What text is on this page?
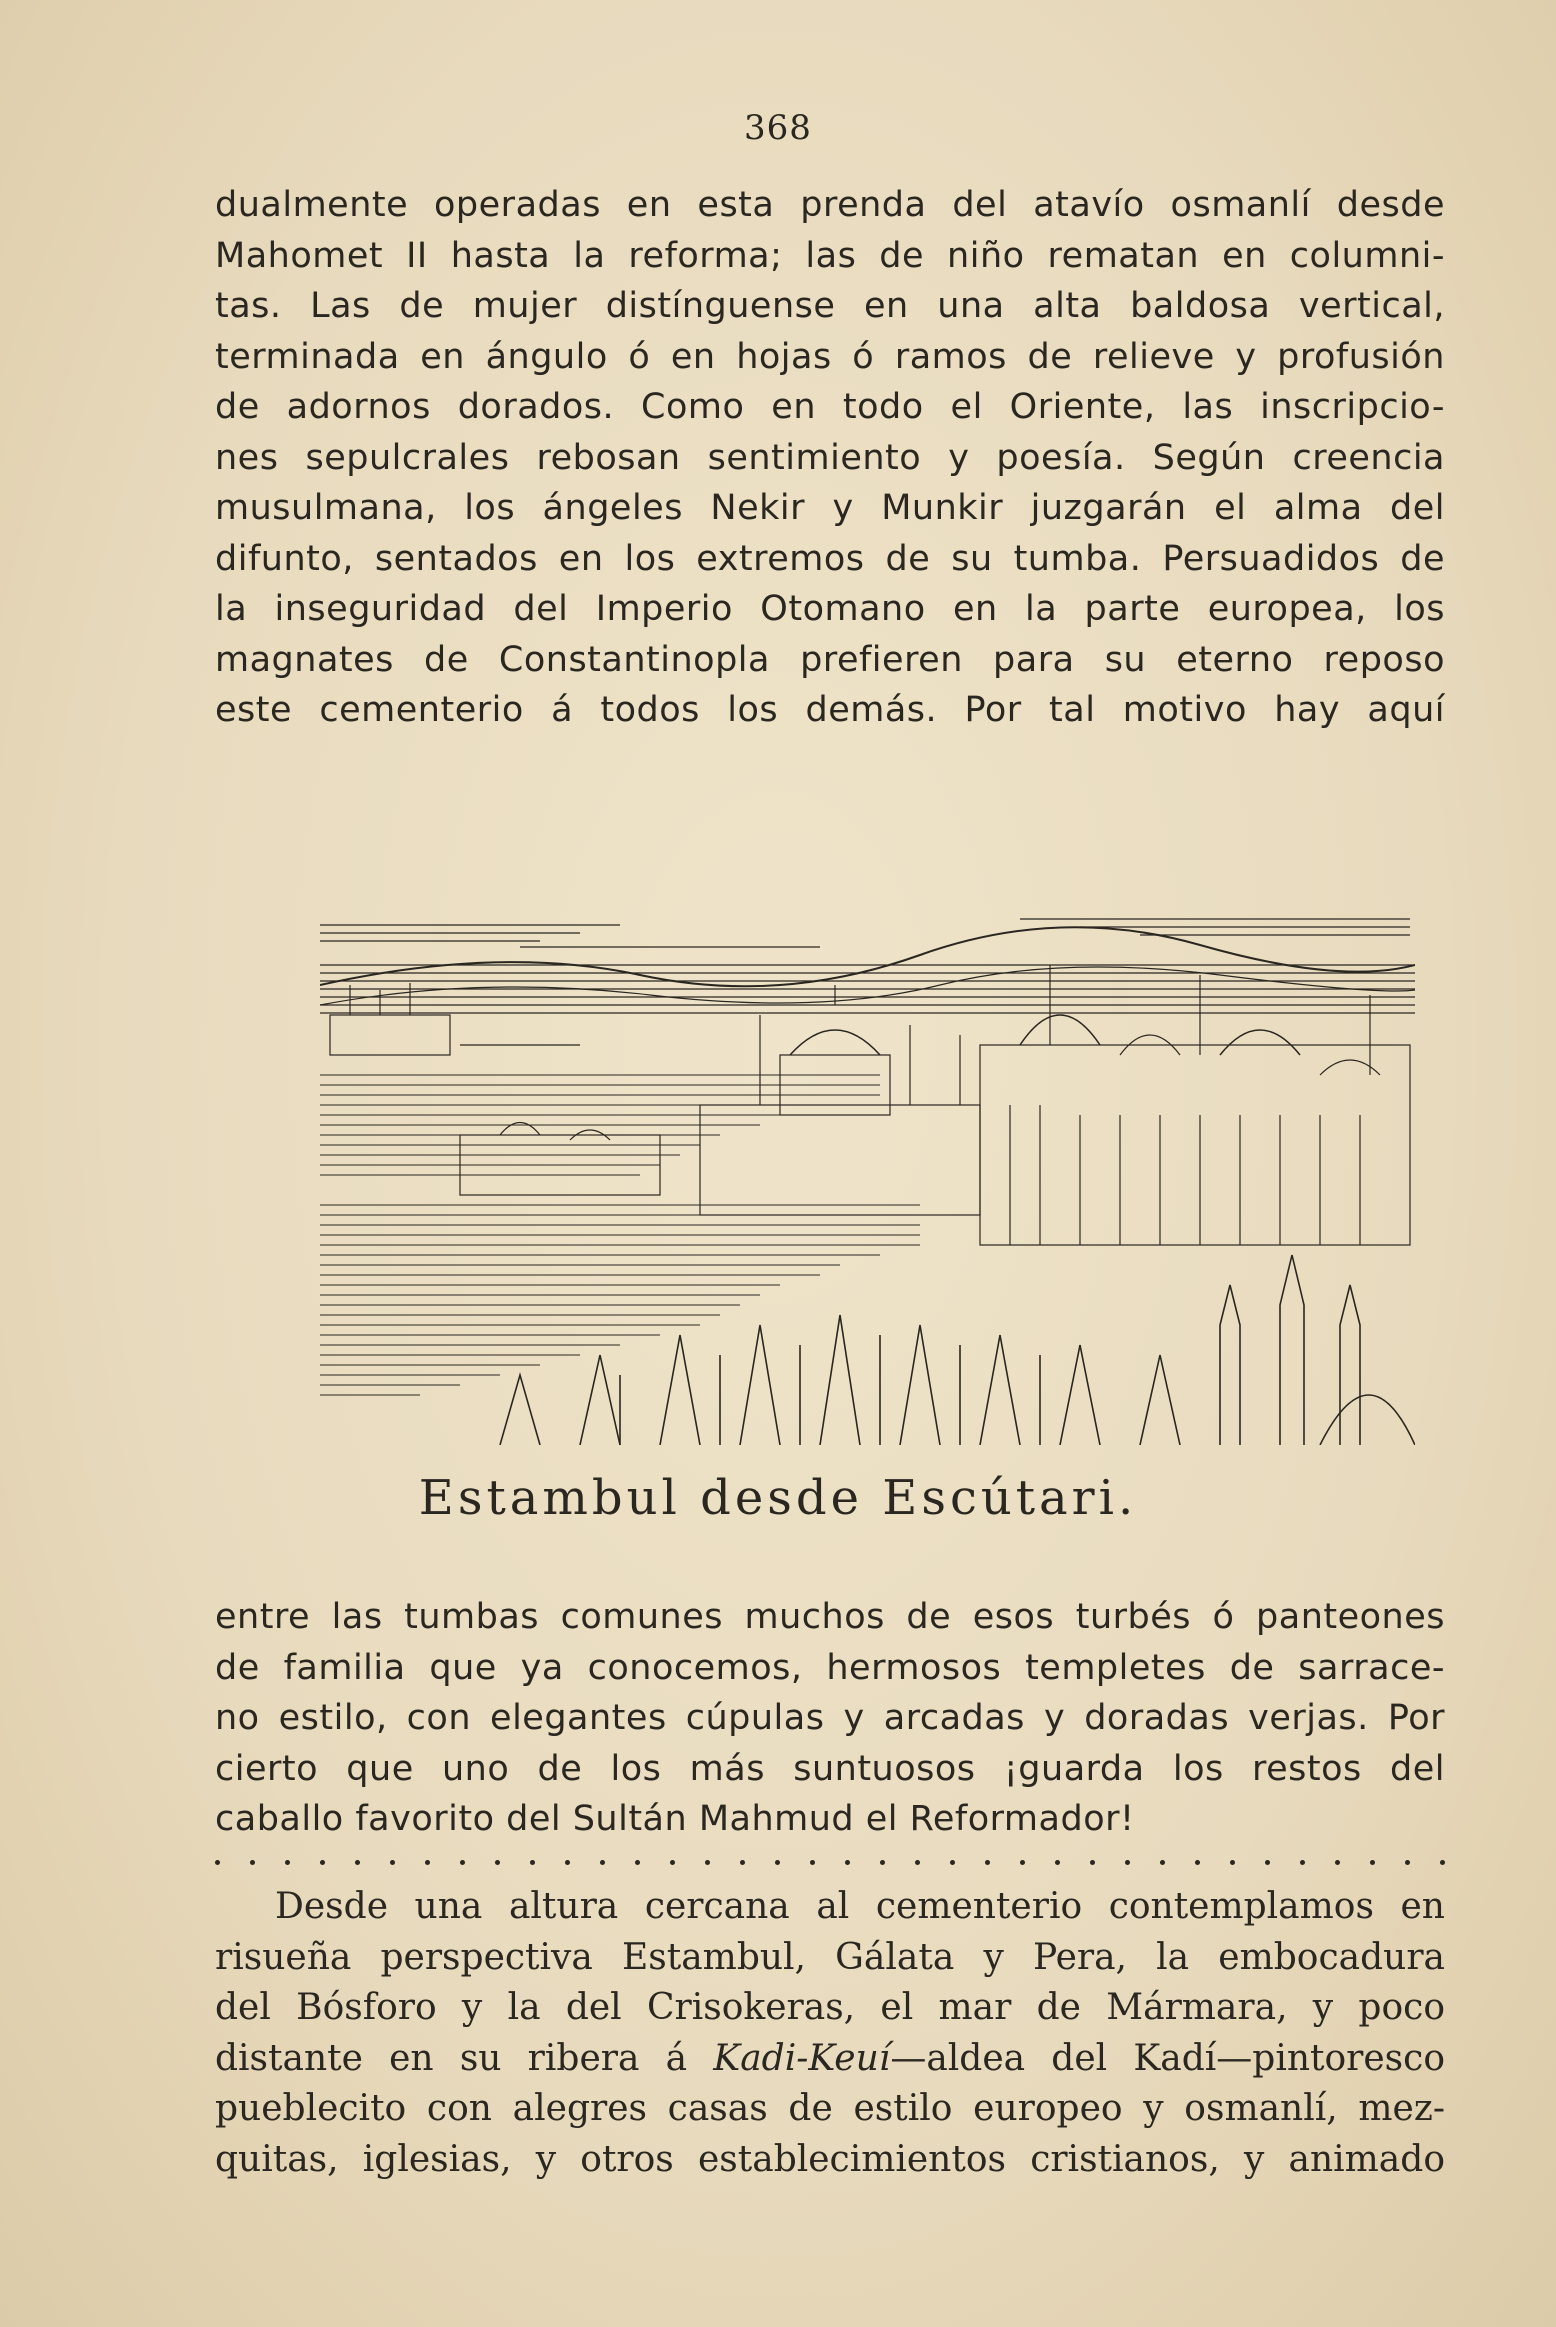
368
dualmente operadas en esta prenda del atavío osmanlí desde
Mahomet II hasta la reforma; las de niño rematan en columni-
tas. Las de mujer distínguense en una alta baldosa vertical,
terminada en ángulo ó en hojas ó ramos de relieve y profusión
de adornos dorados. Como en todo el Oriente, las inscripcio-
nes sepulcrales rebosan sentimiento y poesía. Según creencia
musulmana, los ángeles Nekir y Munkir juzgarán el alma del
difunto, sentados en los extremos de su tumba. Persuadidos de
la inseguridad del Imperio Otomano en la parte europea, los
magnates de Constantinopla prefieren para su eterno reposo
este cementerio á todos los demás. Por tal motivo hay aquí
Estambul desde Escútari.
entre las tumbas comunes muchos de esos turbés ó panteones
de familia que ya conocemos, hermosos templetes de sarrace-
no estilo, con elegantes cúpulas y arcadas y doradas verjas. Por
cierto que uno de los más suntuosos ¡guarda los restos del
caballo favorito del Sultán Mahmud el Reformador!
Desde una altura cercana al cementerio contemplamos en
risueña perspectiva Estambul, Gálata y Pera, la embocadura
del Bósforo y la del Crisokeras, el mar de Mármara, y poco
distante en su ribera á Kadi-Keuí—aldea del Kadí—pintoresco
pueblecito con alegres casas de estilo europeo y osmanlí, mez-
quitas, iglesias, y otros establecimientos cristianos, y animado
